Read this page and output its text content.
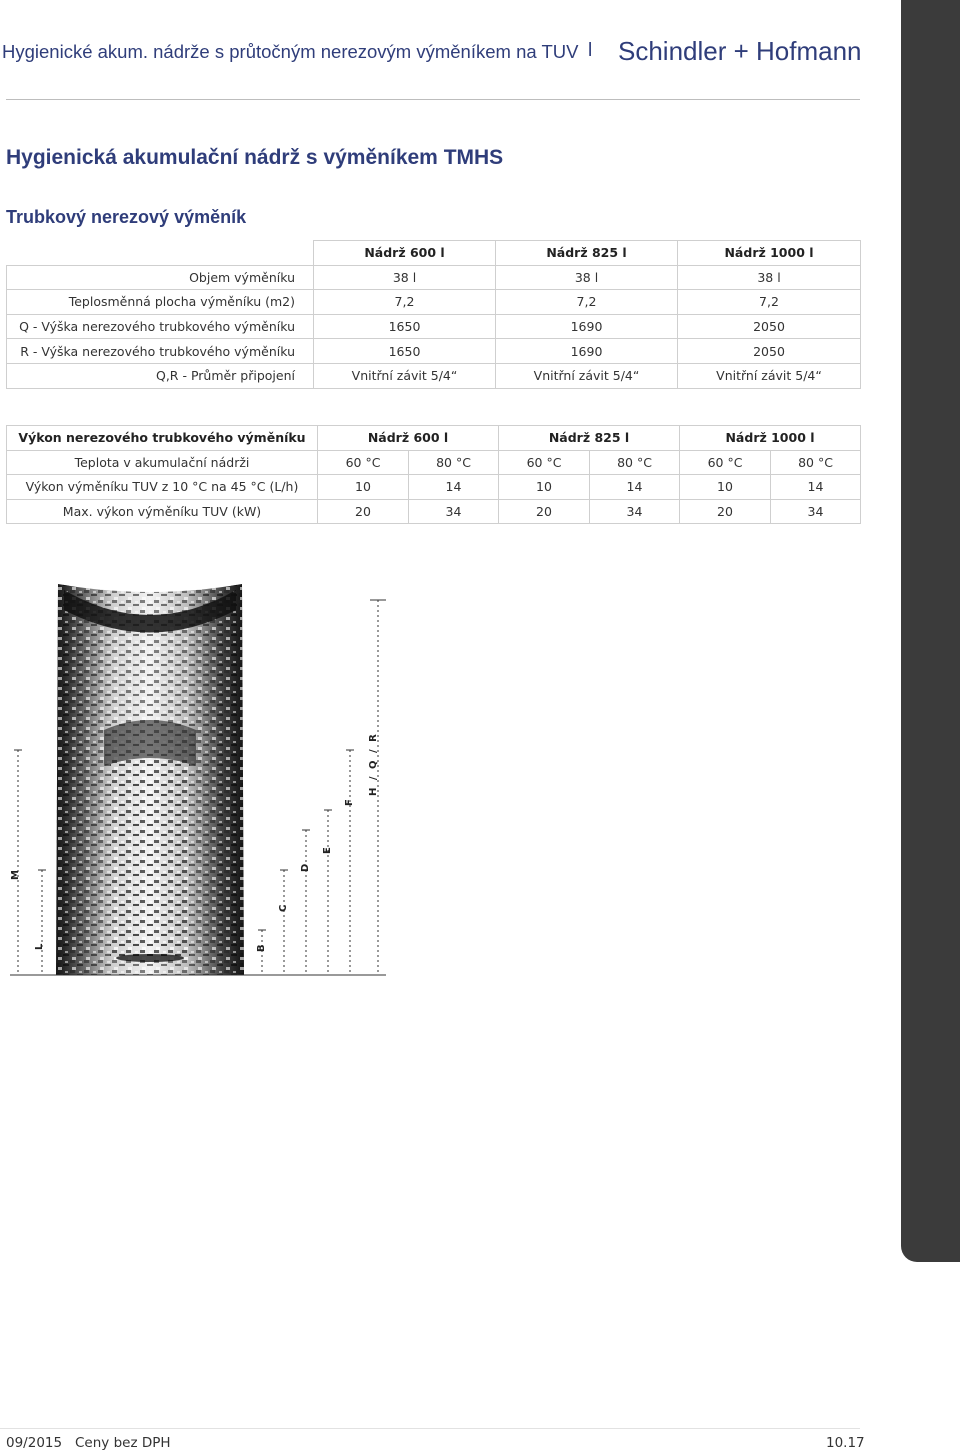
Hygienické akum. nádrže s průtočným nerezovým výměníkem na TUV l Schindler + Hofmann
Hygienická akumulační nádrž s výměníkem TMHS
Trubkový nerezový výměník
	Nádrž 600 l	Nádrž 825 l	Nádrž 1000 l
Objem výměníku	38 l	38 l	38 l
Teplosměnná plocha výměníku (m2)	7,2	7,2	7,2
Q - Výška nerezového trubkového výměníku	1650	1690	2050
R - Výška nerezového trubkového výměníku	1650	1690	2050
Q,R - Průměr připojení	Vnitřní závit 5/4“	Vnitřní závit 5/4“	Vnitřní závit 5/4“
Výkon nerezového trubkového výměníku	Nádrž 600 l		Nádrž 825 l		Nádrž 1000 l	
Teplota v akumulační nádrži	60 °C	80 °C	60 °C	80 °C	60 °C	80 °C
Výkon výměníku TUV z 10 °C na 45 °C (L/h)	10	14	10	14	10	14
Max. výkon výměníku TUV (kW)	20	34	20	34	20	34
M
L	B
C
D
E
F
H / Q / R
10 Schindler + Hofmann
09/2015 Ceny bez DPH	10.17
